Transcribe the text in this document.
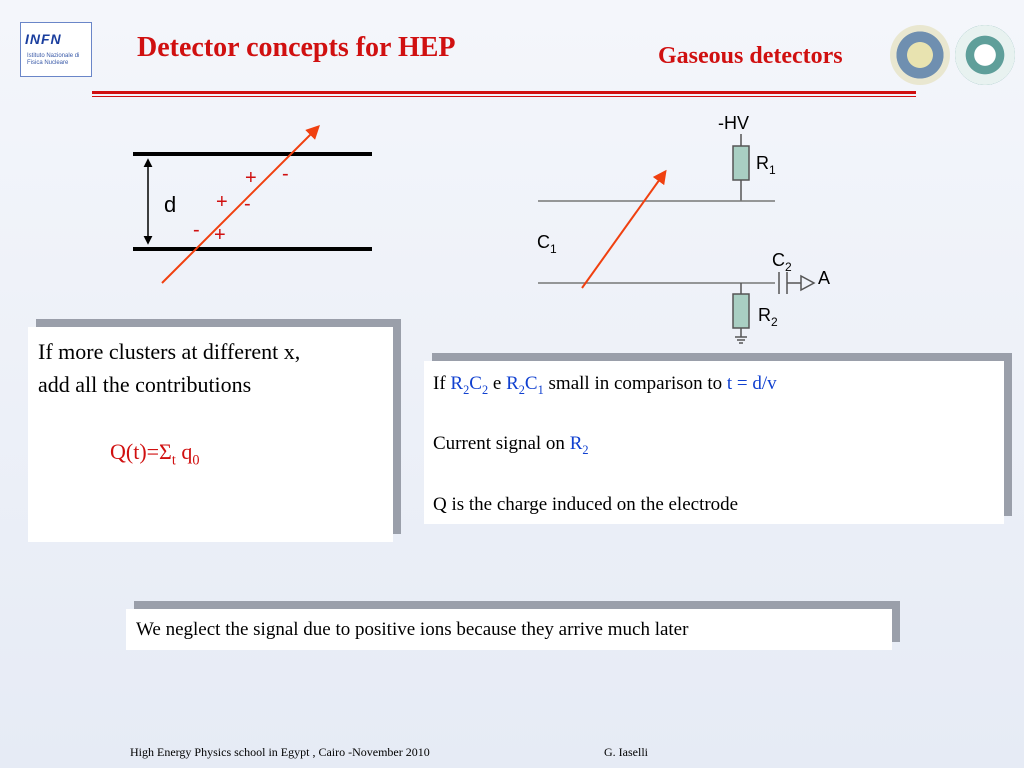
INFN
Istituto Nazionale di Fisica Nucleare	Detector concepts for HEP	Gaseous detectors
d
+ -
+ -
- +
-HV
$R_1$
$C_1$
$C_2$
A
$R_2$
If more clusters at different x,
add all the contributions
$Q(t)=\Sigma_t$ $q_0$
If $R_2C_2$ e $R_2C_1$ small in comparison to t = d/v
Current signal on $R_2$
Q is the charge induced on the electrode
We neglect the signal due to positive ions because they arrive much later
High Energy Physics school in Egypt , Cairo -November 2010	G. Iaselli
